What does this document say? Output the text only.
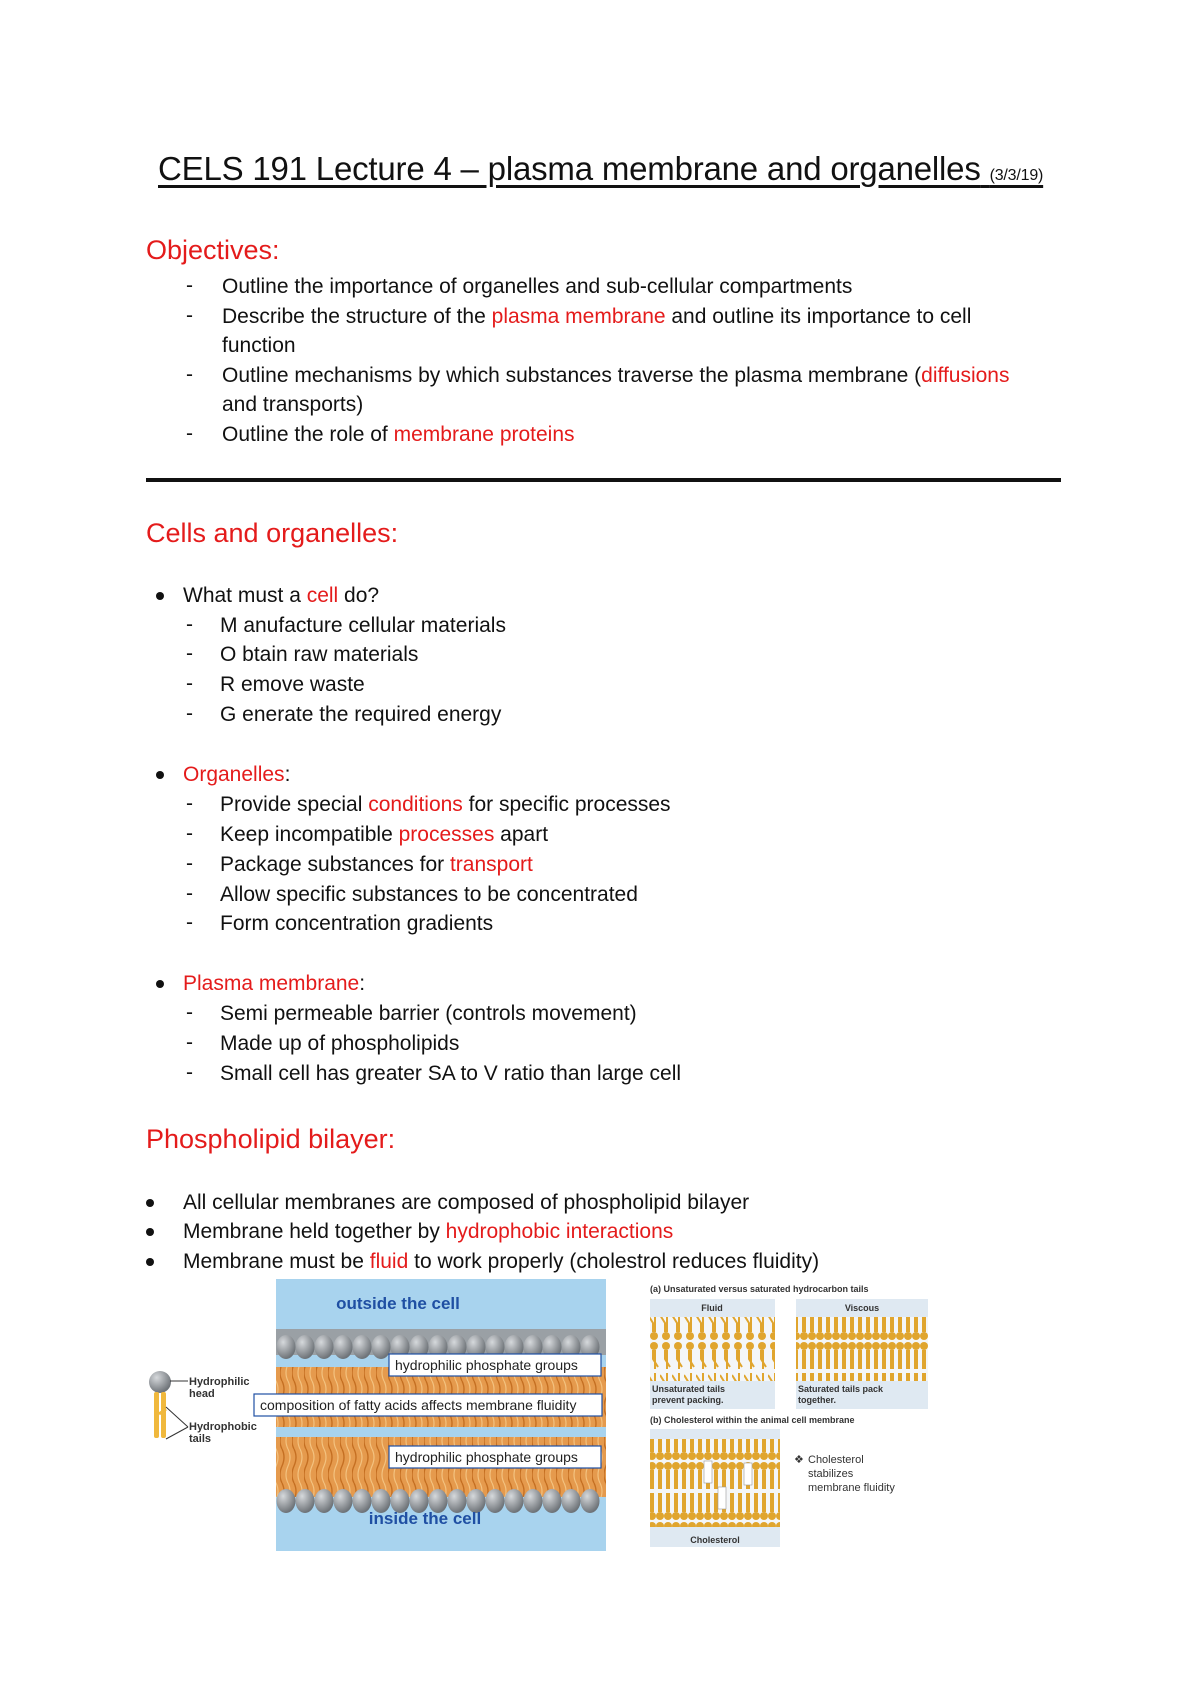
CELS 191 Lecture 4 – plasma membrane and organelles (3/3/19)
Objectives:
- Outline the importance of organelles and sub-cellular compartments
- Describe the structure of the plasma membrane and outline its importance to cell
function
- Outline mechanisms by which substances traverse the plasma membrane (diffusions
and transports)
- Outline the role of membrane proteins
Cells and organelles:
What must a cell do?
- M anufacture cellular materials
- O btain raw materials
- R emove waste
- G enerate the required energy
Organelles:
- Provide special conditions for specific processes
- Keep incompatible processes apart
- Package substances for transport
- Allow specific substances to be concentrated
- Form concentration gradients
Plasma membrane:
- Semi permeable barrier (controls movement)
- Made up of phospholipids
- Small cell has greater SA to V ratio than large cell
Phospholipid bilayer:
All cellular membranes are composed of phospholipid bilayer
Membrane held together by hydrophobic interactions
Membrane must be fluid to work properly (cholestrol reduces fluidity)
outside the cell
inside the cell
hydrophilic phosphate groups
composition of fatty acids affects membrane fluidity
hydrophilic phosphate groups
Hydrophilic
head
Hydrophobic
tails
(a) Unsaturated versus saturated hydrocarbon tails
Fluid
Unsaturated tails
prevent packing.
Viscous
Saturated tails pack
together.
(b) Cholesterol within the animal cell membrane
Cholesterol
❖ Cholesterol
stabilizes
membrane fluidity
